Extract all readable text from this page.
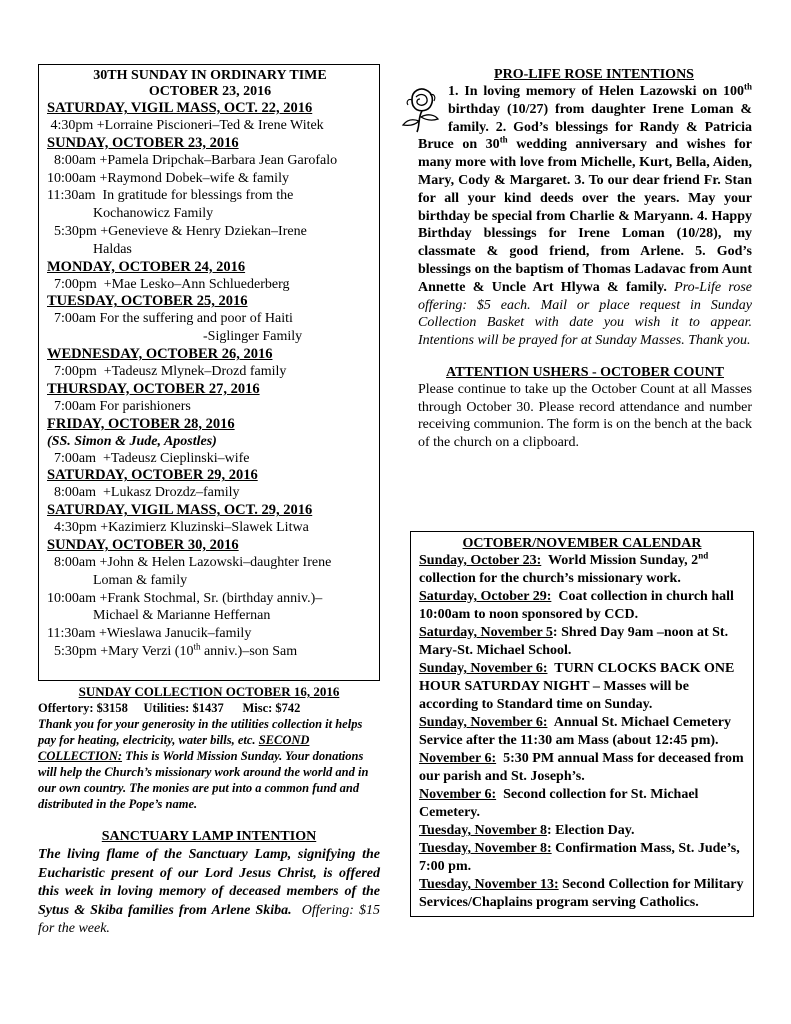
30TH SUNDAY IN ORDINARY TIME
OCTOBER 23, 2016
SATURDAY, VIGIL MASS, OCT. 22, 2016
4:30pm +Lorraine Piscioneri–Ted & Irene Witek
SUNDAY, OCTOBER 23, 2016
8:00am +Pamela Dripchak–Barbara Jean Garofalo
10:00am +Raymond Dobek–wife & family
11:30am  In gratitude for blessings from the
Kochanowicz Family
5:30pm +Genevieve & Henry Dziekan–Irene
Haldas
MONDAY, OCTOBER 24, 2016
7:00pm  +Mae Lesko–Ann Schluederberg
TUESDAY, OCTOBER 25, 2016
7:00am For the suffering and poor of Haiti
-Siglinger Family
WEDNESDAY, OCTOBER 26, 2016
7:00pm  +Tadeusz Mlynek–Drozd family
THURSDAY, OCTOBER 27, 2016
7:00am For parishioners
FRIDAY, OCTOBER 28, 2016
(SS. Simon & Jude, Apostles)
7:00am  +Tadeusz Cieplinski–wife
SATURDAY, OCTOBER 29, 2016
8:00am  +Lukasz Drozdz–family
SATURDAY, VIGIL MASS, OCT. 29, 2016
4:30pm +Kazimierz Kluzinski–Slawek Litwa
SUNDAY, OCTOBER 30, 2016
8:00am +John & Helen Lazowski–daughter Irene
Loman & family
10:00am +Frank Stochmal, Sr. (birthday anniv.)–
Michael & Marianne Heffernan
11:30am +Wieslawa Janucik–family
5:30pm +Mary Verzi (10th anniv.)–son Sam
SUNDAY COLLECTION OCTOBER 16, 2016
Offertory: $3158     Utilities: $1437      Misc: $742
Thank you for your generosity in the utilities collection it helps pay for heating, electricity, water bills, etc. SECOND COLLECTION: This is World Mission Sunday. Your donations will help the Church’s missionary work around the world and in our own country. The monies are put into a common fund and distributed in the Pope’s name.
SANCTUARY LAMP INTENTION
The living flame of the Sanctuary Lamp, signifying the Eucharistic present of our Lord Jesus Christ, is offered this week in loving memory of deceased members of the Sytus & Skiba families from Arlene Skiba.  Offering: $15 for the week.
PRO-LIFE ROSE INTENTIONS
1. In loving memory of Helen Lazowski on 100th birthday (10/27) from daughter Irene Loman & family. 2. God’s blessings for Randy & Patricia Bruce on 30th wedding anniversary and wishes for many more with love from Michelle, Kurt, Bella, Aiden, Mary, Cody & Margaret. 3. To our dear friend Fr. Stan for all your kind deeds over the years. May your birthday be special from Charlie & Maryann. 4. Happy Birthday blessings for Irene Loman (10/28), my classmate & good friend, from Arlene. 5. God’s blessings on the baptism of Thomas Ladavac from Aunt Annette & Uncle Art Hlywa & family. Pro-Life rose offering: $5 each. Mail or place request in Sunday Collection Basket with date you wish it to appear. Intentions will be prayed for at Sunday Masses. Thank you.
ATTENTION USHERS - OCTOBER COUNT
Please continue to take up the October Count at all Masses through October 30. Please record attendance and number receiving communion. The form is on the bench at the back of the church on a clipboard.
OCTOBER/NOVEMBER CALENDAR
Sunday, October 23:  World Mission Sunday, 2nd collection for the church’s missionary work.
Saturday, October 29:  Coat collection in church hall 10:00am to noon sponsored by CCD.
Saturday, November 5: Shred Day 9am –noon at St. Mary-St. Michael School.
Sunday, November 6:  TURN CLOCKS BACK ONE HOUR SATURDAY NIGHT – Masses will be according to Standard time on Sunday.
Sunday, November 6:  Annual St. Michael Cemetery Service after the 11:30 am Mass (about 12:45 pm).
November 6:  5:30 PM annual Mass for deceased from our parish and St. Joseph’s.
November 6:  Second collection for St. Michael Cemetery.
Tuesday, November 8: Election Day.
Tuesday, November 8: Confirmation Mass, St. Jude’s, 7:00 pm.
Tuesday, November 13: Second Collection for Military Services/Chaplains program serving Catholics.
